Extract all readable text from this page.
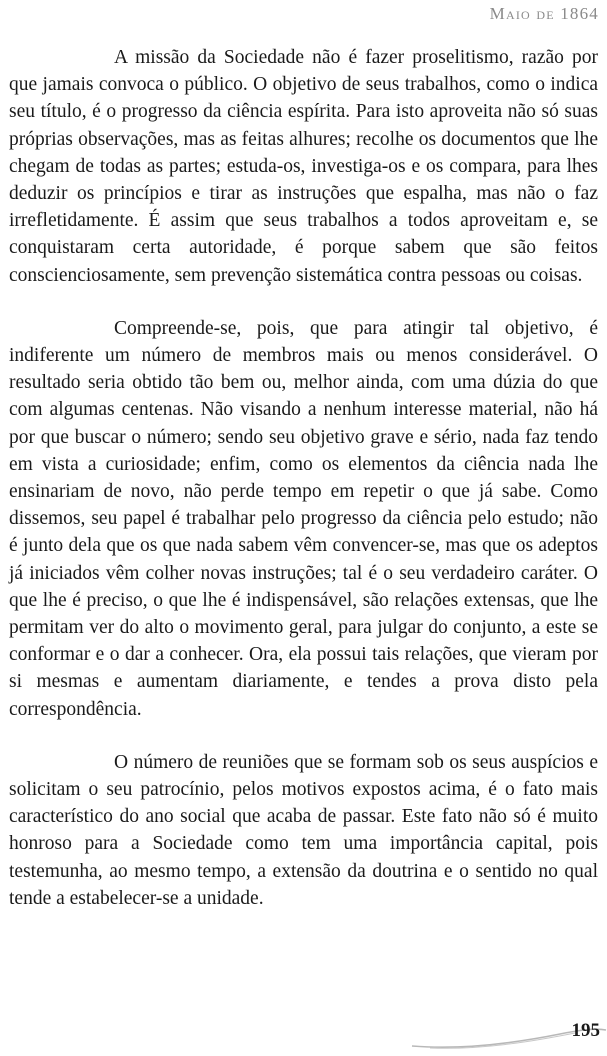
Maio de 1864

A missão da Sociedade não é fazer proselitismo, razão por que jamais convoca o público. O objetivo de seus trabalhos, como o indica seu título, é o progresso da ciência espírita. Para isto aproveita não só suas próprias observações, mas as feitas alhures; recolhe os documentos que lhe chegam de todas as partes; estuda-os, investiga-os e os compara, para lhes deduzir os princípios e tirar as instruções que espalha, mas não o faz irrefletidamente. É assim que seus trabalhos a todos aproveitam e, se conquistaram certa autoridade, é porque sabem que são feitos conscienciosamente, sem prevenção sistemática contra pessoas ou coisas.

Compreende-se, pois, que para atingir tal objetivo, é indiferente um número de membros mais ou menos considerável. O resultado seria obtido tão bem ou, melhor ainda, com uma dúzia do que com algumas centenas. Não visando a nenhum interesse material, não há por que buscar o número; sendo seu objetivo grave e sério, nada faz tendo em vista a curiosidade; enfim, como os elementos da ciência nada lhe ensinariam de novo, não perde tempo em repetir o que já sabe. Como dissemos, seu papel é trabalhar pelo progresso da ciência pelo estudo; não é junto dela que os que nada sabem vêm convencer-se, mas que os adeptos já iniciados vêm colher novas instruções; tal é o seu verdadeiro caráter. O que lhe é preciso, o que lhe é indispensável, são relações extensas, que lhe permitam ver do alto o movimento geral, para julgar do conjunto, a este se conformar e o dar a conhecer. Ora, ela possui tais relações, que vieram por si mesmas e aumentam diariamente, e tendes a prova disto pela correspondência.

O número de reuniões que se formam sob os seus auspícios e solicitam o seu patrocínio, pelos motivos expostos acima, é o fato mais característico do ano social que acaba de passar. Este fato não só é muito honroso para a Sociedade como tem uma importância capital, pois testemunha, ao mesmo tempo, a extensão da doutrina e o sentido no qual tende a estabelecer-se a unidade.

195
